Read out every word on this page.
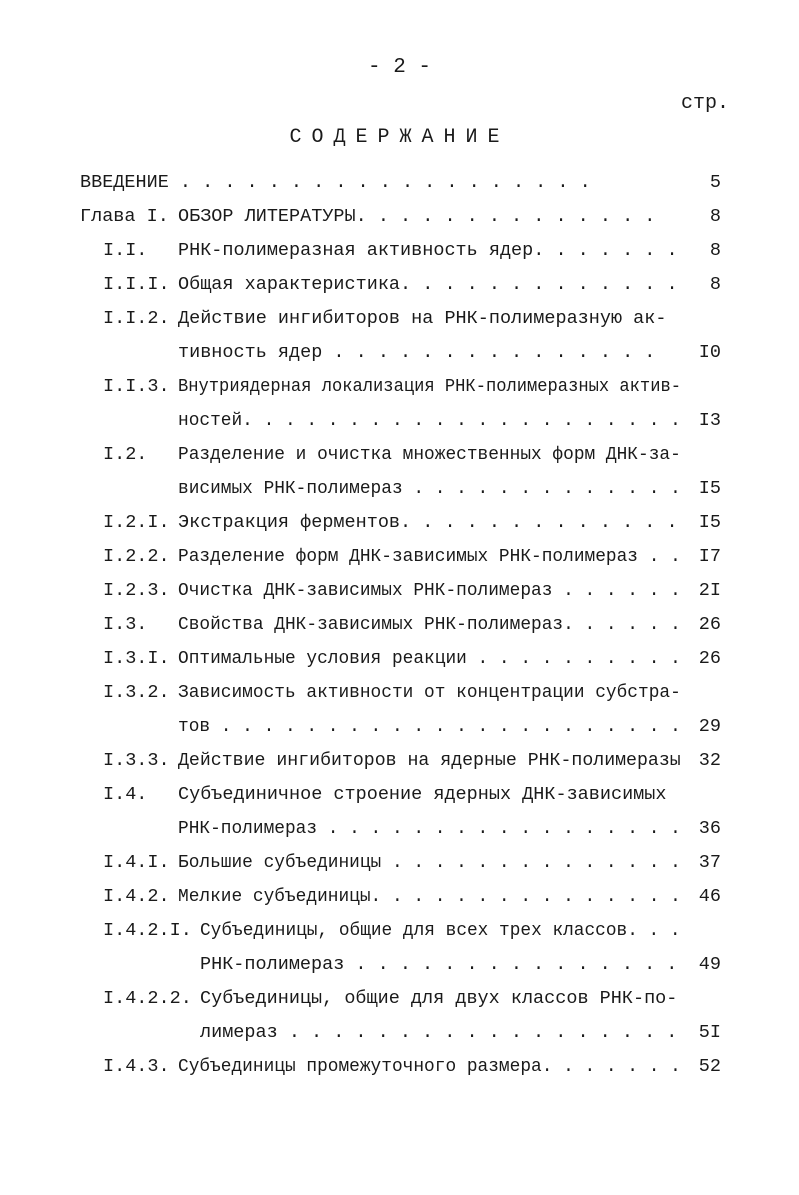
- 2 -
стр.
СОДЕРЖАНИЕ
ВВЕДЕНИЕ . . . . . . . . . . . . . . . . . . .	5
Глава I. ОБЗОР ЛИТЕРАТУРЫ. . . . . . . . . . . . . .	8
I.I. РНК-полимеразная активность ядер. . . . . . . 8
I.I.I. Общая характеристика. . . . . . . . . . . . . 8
I.I.2. Действие ингибиторов на РНК-полимеразную ак-
тивность ядер . . . . . . . . . . . . . . . I0
I.I.3. Внутриядерная локализация РНК-полимеразных актив-
ностей. . . . . . . . . . . . . . . . . . . . . I3
I.2. Разделение и очистка множественных форм ДНК-за-
висимых РНК-полимераз . . . . . . . . . . . . . I5
I.2.I. Экстракция ферментов. . . . . . . . . . . . . I5
I.2.2. Разделение форм ДНК-зависимых РНК-полимераз . . I7
I.2.3. Очистка ДНК-зависимых РНК-полимераз . . . . . . 2I
I.3. Свойства ДНК-зависимых РНК-полимераз. . . . . . 26
I.3.I. Оптимальные условия реакции . . . . . . . . . . 26
I.3.2. Зависимость активности от концентрации субстра-
тов . . . . . . . . . . . . . . . . . . . . . . 29
I.3.3. Действие ингибиторов на ядерные РНК-полимеразы 32
I.4. Субъединичное строение ядерных ДНК-зависимых
РНК-полимераз . . . . . . . . . . . . . . . . . 36
I.4.I. Большие субъединицы . . . . . . . . . . . . . . 37
I.4.2. Мелкие субъединицы. . . . . . . . . . . . . . . 46
I.4.2.I. Субъединицы, общие для всех трех классов. . .
РНК-полимераз . . . . . . . . . . . . . . . 49
I.4.2.2. Субъединицы, общие для двух классов РНК-по-
лимераз . . . . . . . . . . . . . . . . . . 5I
I.4.3. Субъединицы промежуточного размера. . . . . . . 52
